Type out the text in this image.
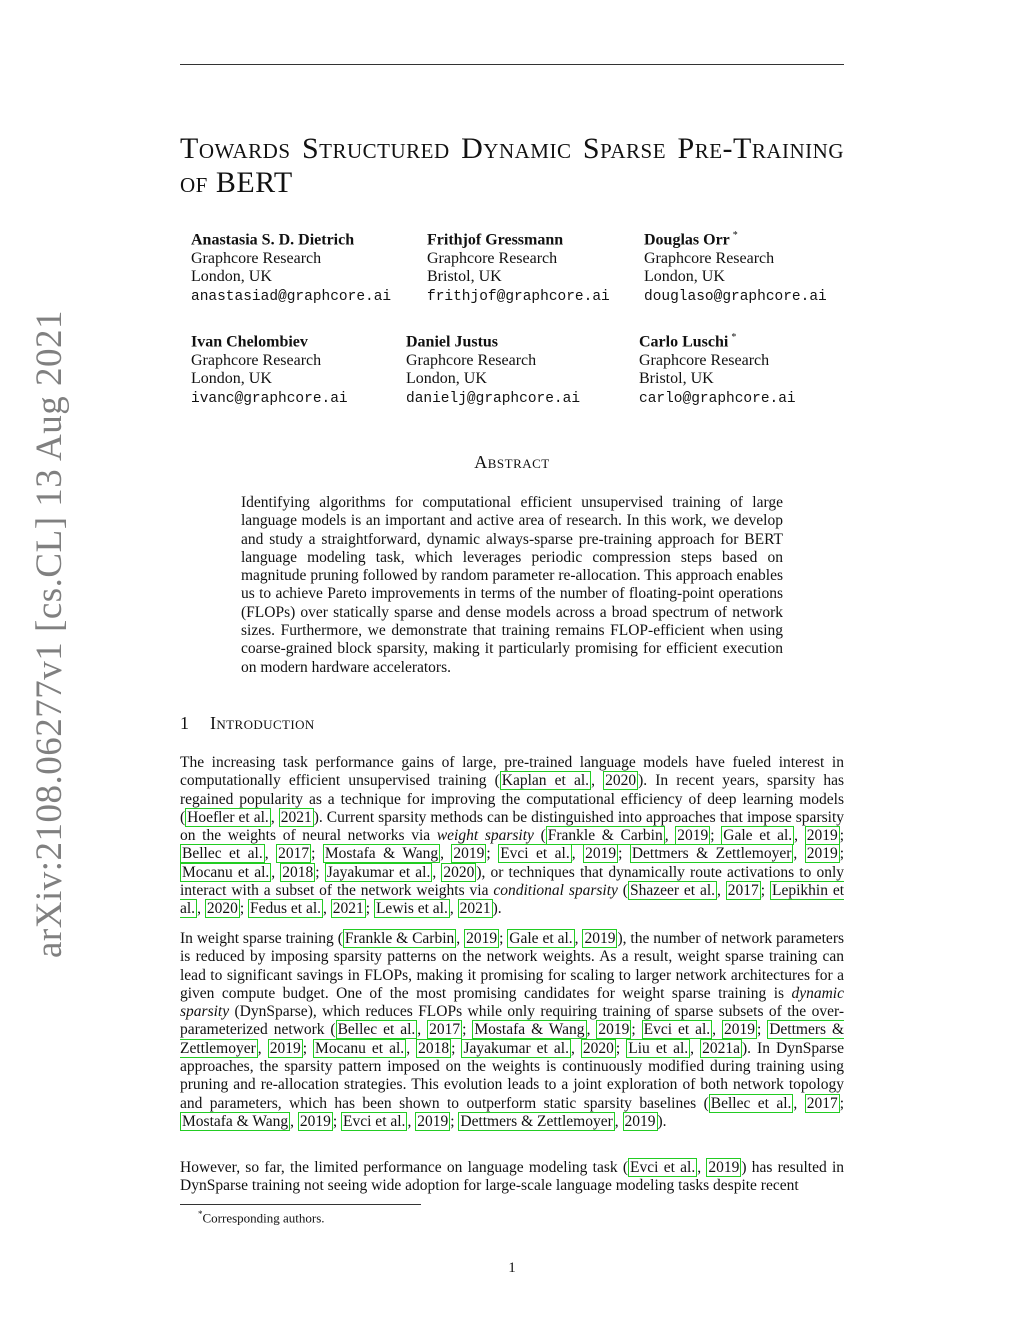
arXiv:2108.06277v1 [cs.CL] 13 Aug 2021
Towards Structured Dynamic Sparse Pre-Training of BERT
Anastasia S. D. Dietrich
Graphcore Research
London, UK
anastasiad@graphcore.ai
Frithjof Gressmann
Graphcore Research
Bristol, UK
frithjof@graphcore.ai
Douglas Orr *
Graphcore Research
London, UK
douglaso@graphcore.ai
Ivan Chelombiev
Graphcore Research
London, UK
ivanc@graphcore.ai
Daniel Justus
Graphcore Research
London, UK
danielj@graphcore.ai
Carlo Luschi *
Graphcore Research
Bristol, UK
carlo@graphcore.ai
Abstract
Identifying algorithms for computational efficient unsupervised training of large language models is an important and active area of research. In this work, we develop and study a straightforward, dynamic always-sparse pre-training approach for BERT language modeling task, which leverages periodic compression steps based on magnitude pruning followed by random parameter re-allocation. This approach enables us to achieve Pareto improvements in terms of the number of floating-point operations (FLOPs) over statically sparse and dense models across a broad spectrum of network sizes. Furthermore, we demonstrate that training remains FLOP-efficient when using coarse-grained block sparsity, making it particularly promising for efficient execution on modern hardware accelerators.
1 Introduction
The increasing task performance gains of large, pre-trained language models have fueled interest in computationally efficient unsupervised training ( Kaplan et al. , 2020 ). In recent years, sparsity has regained popularity as a technique for improving the computational efficiency of deep learning models ( Hoefler et al. , 2021 ). Current sparsity methods can be distinguished into approaches that impose sparsity on the weights of neural networks via weight sparsity ( Frankle & Carbin , 2019 ; Gale et al. , 2019 ; Bellec et al. , 2017 ; Mostafa & Wang , 2019 ; Evci et al. , 2019 ; Dettmers & Zettlemoyer , 2019 ; Mocanu et al. , 2018 ; Jayakumar et al. , 2020 ), or techniques that dynamically route activations to only interact with a subset of the network weights via conditional sparsity ( Shazeer et al. , 2017 ; Lepikhin et al. , 2020 ; Fedus et al. , 2021 ; Lewis et al. , 2021 ).
In weight sparse training ( Frankle & Carbin , 2019 ; Gale et al. , 2019 ), the number of network parameters is reduced by imposing sparsity patterns on the network weights. As a result, weight sparse training can lead to significant savings in FLOPs, making it promising for scaling to larger network architectures for a given compute budget. One of the most promising candidates for weight sparse training is dynamic sparsity (DynSparse), which reduces FLOPs while only requiring training of sparse subsets of the over-parameterized network ( Bellec et al. , 2017 ; Mostafa & Wang , 2019 ; Evci et al. , 2019 ; Dettmers & Zettlemoyer , 2019 ; Mocanu et al. , 2018 ; Jayakumar et al. , 2020 ; Liu et al. , 2021a ). In DynSparse approaches, the sparsity pattern imposed on the weights is continuously modified during training using pruning and re-allocation strategies. This evolution leads to a joint exploration of both network topology and parameters, which has been shown to outperform static sparsity baselines ( Bellec et al. , 2017 ; Mostafa & Wang , 2019 ; Evci et al. , 2019 ; Dettmers & Zettlemoyer , 2019 ).
However, so far, the limited performance on language modeling task ( Evci et al. , 2019 ) has resulted in DynSparse training not seeing wide adoption for large-scale language modeling tasks despite recent
*Corresponding authors.
1
